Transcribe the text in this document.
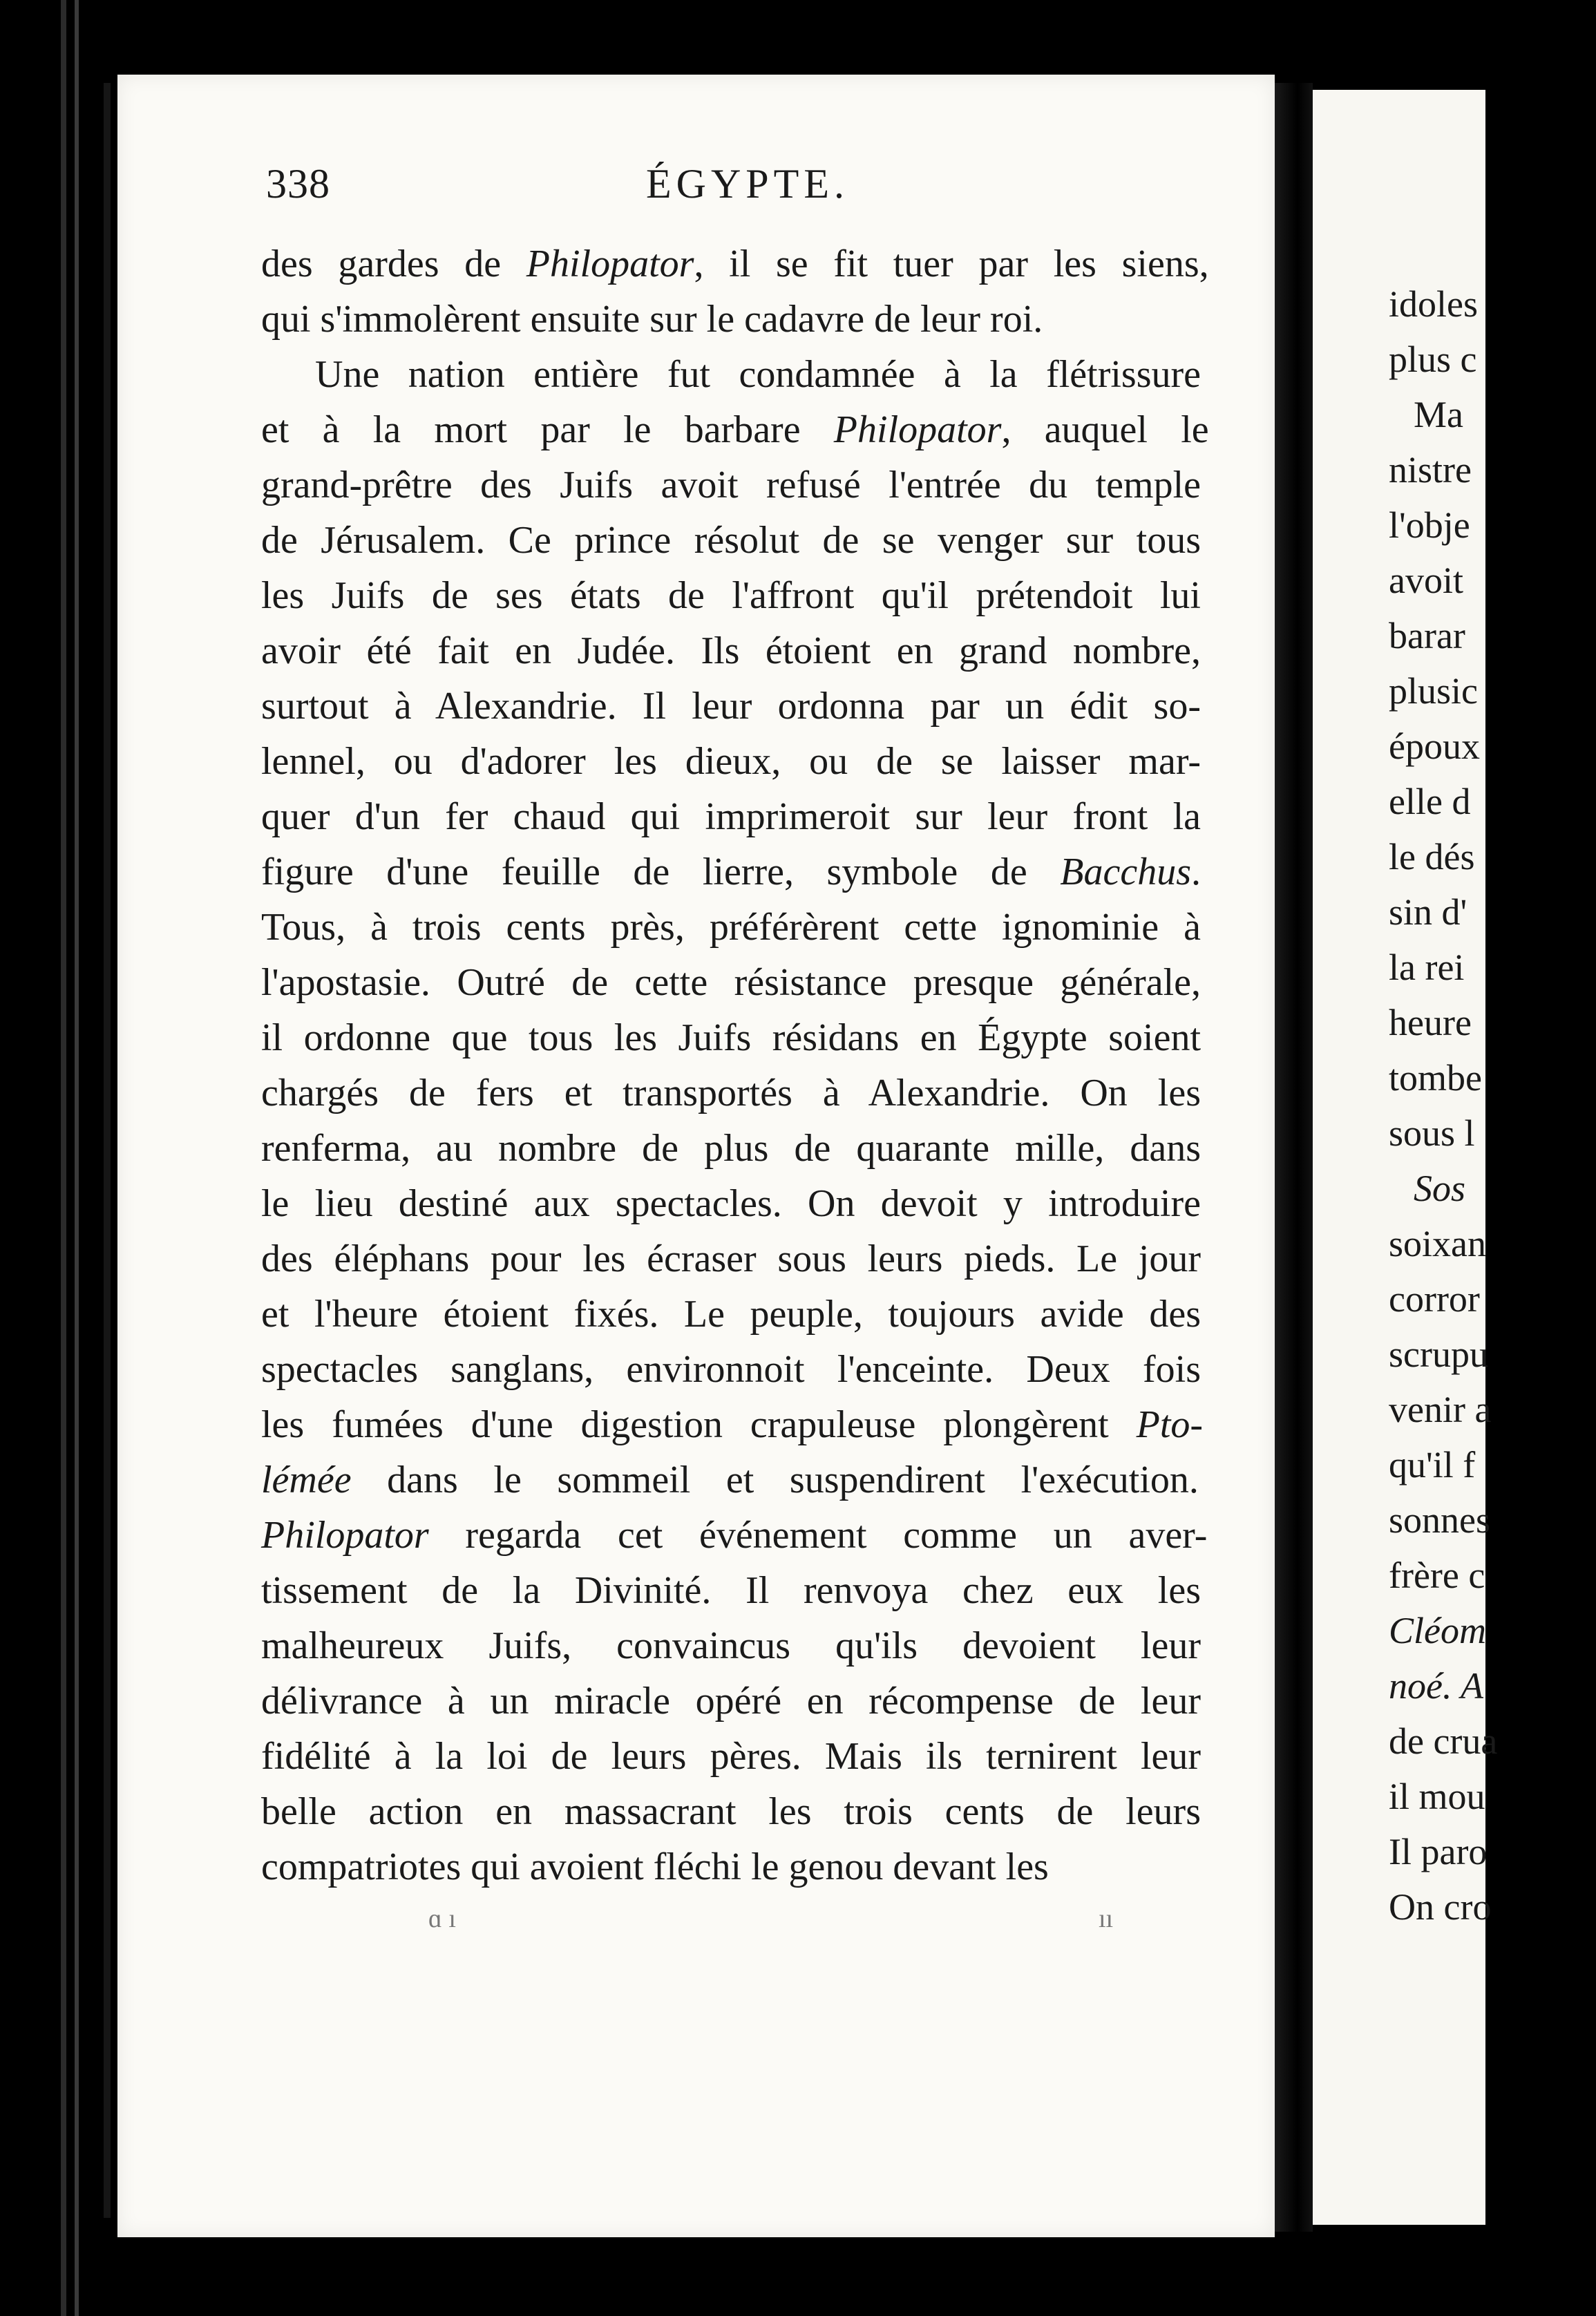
338	ÉGYPTE.
des gardes de Philopator, il se fit tuer par les siens,
qui s'immolèrent ensuite sur le cadavre de leur roi.
Une nation entière fut condamnée à la flétrissure
et à la mort par le barbare Philopator, auquel le
grand-prêtre des Juifs avoit refusé l'entrée du temple
de Jérusalem. Ce prince résolut de se venger sur tous
les Juifs de ses états de l'affront qu'il prétendoit lui
avoir été fait en Judée. Ils étoient en grand nombre,
surtout à Alexandrie. Il leur ordonna par un édit so-
lennel, ou d'adorer les dieux, ou de se laisser mar-
quer d'un fer chaud qui imprimeroit sur leur front la
figure d'une feuille de lierre, symbole de Bacchus.
Tous, à trois cents près, préférèrent cette ignominie à
l'apostasie. Outré de cette résistance presque générale,
il ordonne que tous les Juifs résidans en Égypte soient
chargés de fers et transportés à Alexandrie. On les
renferma, au nombre de plus de quarante mille, dans
le lieu destiné aux spectacles. On devoit y introduire
des éléphans pour les écraser sous leurs pieds. Le jour
et l'heure étoient fixés. Le peuple, toujours avide des
spectacles sanglans, environnoit l'enceinte. Deux fois
les fumées d'une digestion crapuleuse plongèrent Pto-
lémée dans le sommeil et suspendirent l'exécution.
Philopator regarda cet événement comme un aver-
tissement de la Divinité. Il renvoya chez eux les
malheureux Juifs, convaincus qu'ils devoient leur
délivrance à un miracle opéré en récompense de leur
fidélité à la loi de leurs pères. Mais ils ternirent leur
belle action en massacrant les trois cents de leurs
compatriotes qui avoient fléchi le genou devant les
ɑ ı	ıı
idoles
plus c
Ma
nistre
l'obje
avoit
barar
plusic
époux
elle d
le dés
sin d'
la rei
heure
tombe
sous l
Sos
soixan
corror
scrupu
venir a
qu'il f
sonnes
frère c
Cléom
noé. A
de crua
il mou
Il paro
On cro
